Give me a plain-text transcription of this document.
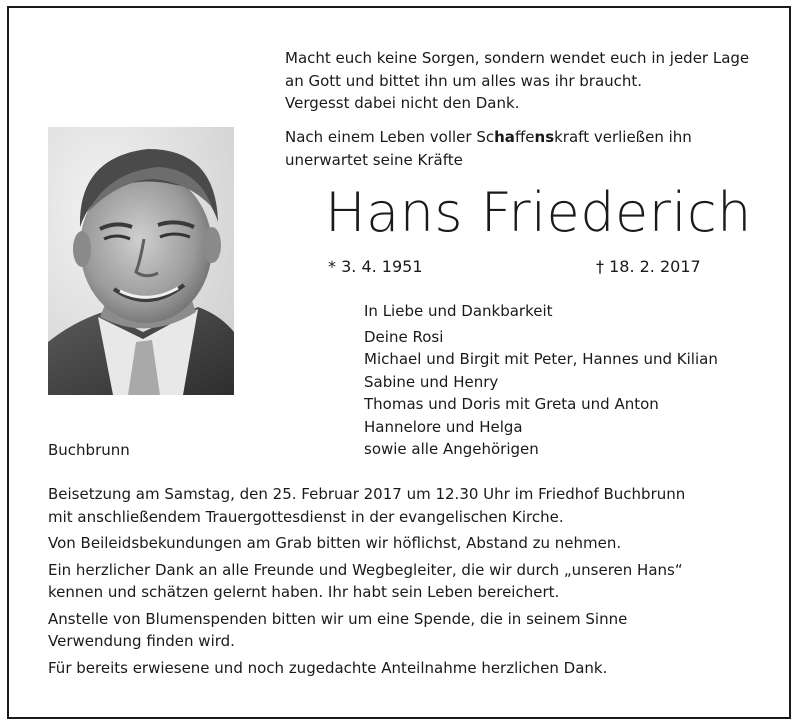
Macht euch keine Sorgen, sondern wendet euch in jeder Lage
an Gott und bittet ihn um alles was ihr braucht.
Vergesst dabei nicht den Dank.
Nach einem Leben voller Schaffenskraft verließen ihn
unerwartet seine Kräfte
Hans Friederich
* 3. 4. 1951	† 18. 2. 2017
In Liebe und Dankbarkeit
Deine Rosi
Michael und Birgit mit Peter, Hannes und Kilian
Sabine und Henry
Thomas und Doris mit Greta und Anton
Hannelore und Helga
sowie alle Angehörigen
Buchbrunn

Beisetzung am Samstag, den 25. Februar 2017 um 12.30 Uhr im Friedhof Buchbrunn
mit anschließendem Trauergottesdienst in der evangelischen Kirche.

Von Beileidsbekundungen am Grab bitten wir höflichst, Abstand zu nehmen.

Ein herzlicher Dank an alle Freunde und Wegbegleiter, die wir durch „unseren Hans“
kennen und schätzen gelernt haben. Ihr habt sein Leben bereichert.

Anstelle von Blumenspenden bitten wir um eine Spende, die in seinem Sinne
Verwendung finden wird.

Für bereits erwiesene und noch zugedachte Anteilnahme herzlichen Dank.
